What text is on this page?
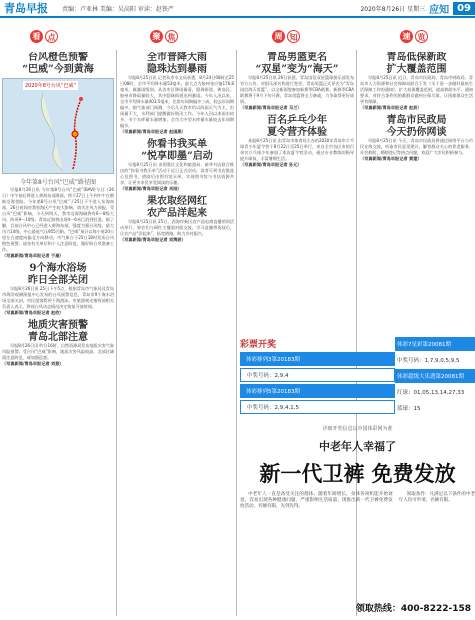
青岛早报	责编：卢亚林 美编：吴高阳 审读：赵铁严	2020年8月26日 星期三 应知 09
看 点	聚 焦	周 知	速 览
台风橙色预警
“巴威”今到黄海
2020年8号台风“巴威”
今年第8号台风“巴威”路径图

早报8月26日讯 今年第8号台风“巴威”(BAVI)今日（26日）中午前后将进入黄海东部海面，将于27日上午到中午在朝鲜沿海登陆。今年第8号台风“巴威”于25日下午进入东海南部，26日夜间对我省海区产生较大影响，请关注风力预报。受台风“巴威”影响，今天到明天，我市沿海海域将有6～8级大风，阵风9～10级；青岛近海将出现4～6米巨浪到狂浪。据了解，目前台风中心已经进入黄海东部，强度为强台风级，最大风力14级，中心最低气压955百帕。“巴威”预计以每小时20公里左右速度向偏北方向移动。市气象台于25日18时发布台风橙色预警，请各有关单位和个人注意防范，做好防台风准备工作。

（写真新闻/青岛早报记者 于凝）
9个海水浴场
昨日全部关闭

早报8月26日讯 25日下午5点，根据青岛市气象局及青岛市海洋观测预报中心发布的台风预警信息，青岛市9个海水浴场全部关闭，市民游客暂停下海游泳。市旅游观光指挥部相关负责人表示，将视台风动态情况决定恢复开放时间。

（写真新闻/青岛早报记者 赵欣）
地质灾害预警
青岛北部注意

早报8月26日讯 昨日16时，自然资源局发布地质灾害气象风险预警。受台风“巴威”影响，地质灾害风险较高，北部区域需注意防范，请加强巡查。

（写真新闻/青岛早报记者 刘振）
全市普降大雨
隐珠达到暴雨

早报8月25日讯 记者从市水文局获悉，8月24日08时至25日08时，全市平均降水量53毫米，最大点为胶州张应镇176.8毫米，属暴雨级别。从各市区降雨量看，隐珠街道、黄岛区、胶州市降雨量较大，其中隐珠街道达到暴雨。今年入汛以来，全市平均降水量403.5毫米，比常年同期偏多三成，较去年同期偏多。据气象部门预测，今后几天我市仍以阵雨天气为主，但雨量不大，水利部门提醒做好防汛工作。今年入汛以来雨水较多，多个水库蓄水量增加，全市大中型水库蓄水量较去年同期偏多。

（写真新闻/青岛早报记者 赵国燕）
你看书我买单
“悦享即墨”启动

早报8月25日讯 由即墨区文化和旅游局、新华书店联合推出的“你看书我买单”活动于近日正式启动。读者可到书店挑选心仪图书，借阅后由图书馆买单，实现图书馆与书店资源共享，让更多市民享受阅读的乐趣。

（写真新闻/青岛早报记者 肖刚）
果农取经网红
农产品洋起来

早报8月25日讯 25日，西海岸新区农产品电商直播培训活动举行，果农们与网红主播面对面交流，学习直播带货技巧，让农产品“洋起来”，拓宽销路，助力乡村振兴。

（写真新闻/青岛早报记者 刘海波）
青岛男篮更名
“双星”变为“海天”

早报8月25日讯 26日获悉，青岛国信双星篮球俱乐部发布官方公告，对俱乐部名称进行变更。青岛男篮正式更名为“青岛国信海天男篮”，以全新面貌参加新赛季CBA联赛。新赛季CBA联赛将于9月下旬开赛，青岛男篮将全力备战，力争取得更好成绩。

（写真新闻/青岛早报记者 马兰）
百名乒乓少年
夏令营齐体验

本报8月25日讯 由青岛市体育局主办的2020年青岛市乒乓球青少年夏令营于8月22日至25日举行，来自全市各区市的百余名乒乓球少年参加了本次夏令营活动，通过专业教练的指导提升球技，丰富暑期生活。

（写真新闻/青岛早报记者 孙元）
青岛低保新政
扩大覆盖范围

早报8月25日讯 近日，青岛市民政局、青岛市财政局、青岛市人力资源和社会保障局联合下发《关于进一步做好最低生活保障工作的通知》，扩大低保覆盖范围，提高救助水平。通知要求，对符合条件的困难群众做到应保尽保，让困难群众生活更有保障。

（写真新闻/青岛早报记者 赵波）
青岛市民政局
今天扔你网谈

早报8月25日讯 今天，青岛市民政局将通过网络平台与市民在线交流，听取市民意见建议，解答群众关心的养老服务、社会救助、婚姻登记等热点问题，欢迎广大市民积极参与。

（写真新闻/青岛早报记者 黄建）
彩票开奖
体彩排列3第20183期
中奖号码：2,9,4
体彩排列5第20183期
中奖号码：2,9,4,1,5
体彩7星彩第20081期
中奖号码：1,7,9,0,5,9,5
体彩超级大乐透第20081期
红球：01,05,13,14,27,33
蓝球：15
详细开奖信息以中国体彩网为准
中老年人幸福了
新一代卫裤 免费发放

中老年人一直是备受关注的群体。随着年龄增长，身体各项机能开始衰退，容易出现各种健康问题，严重影响生活质量。现推出新一代卫裤免费发放活动，名额有限，先到先得。

领取条件：凡满足以下条件的中老年人均可申请，名额有限。

领取热线：400-8222-158
